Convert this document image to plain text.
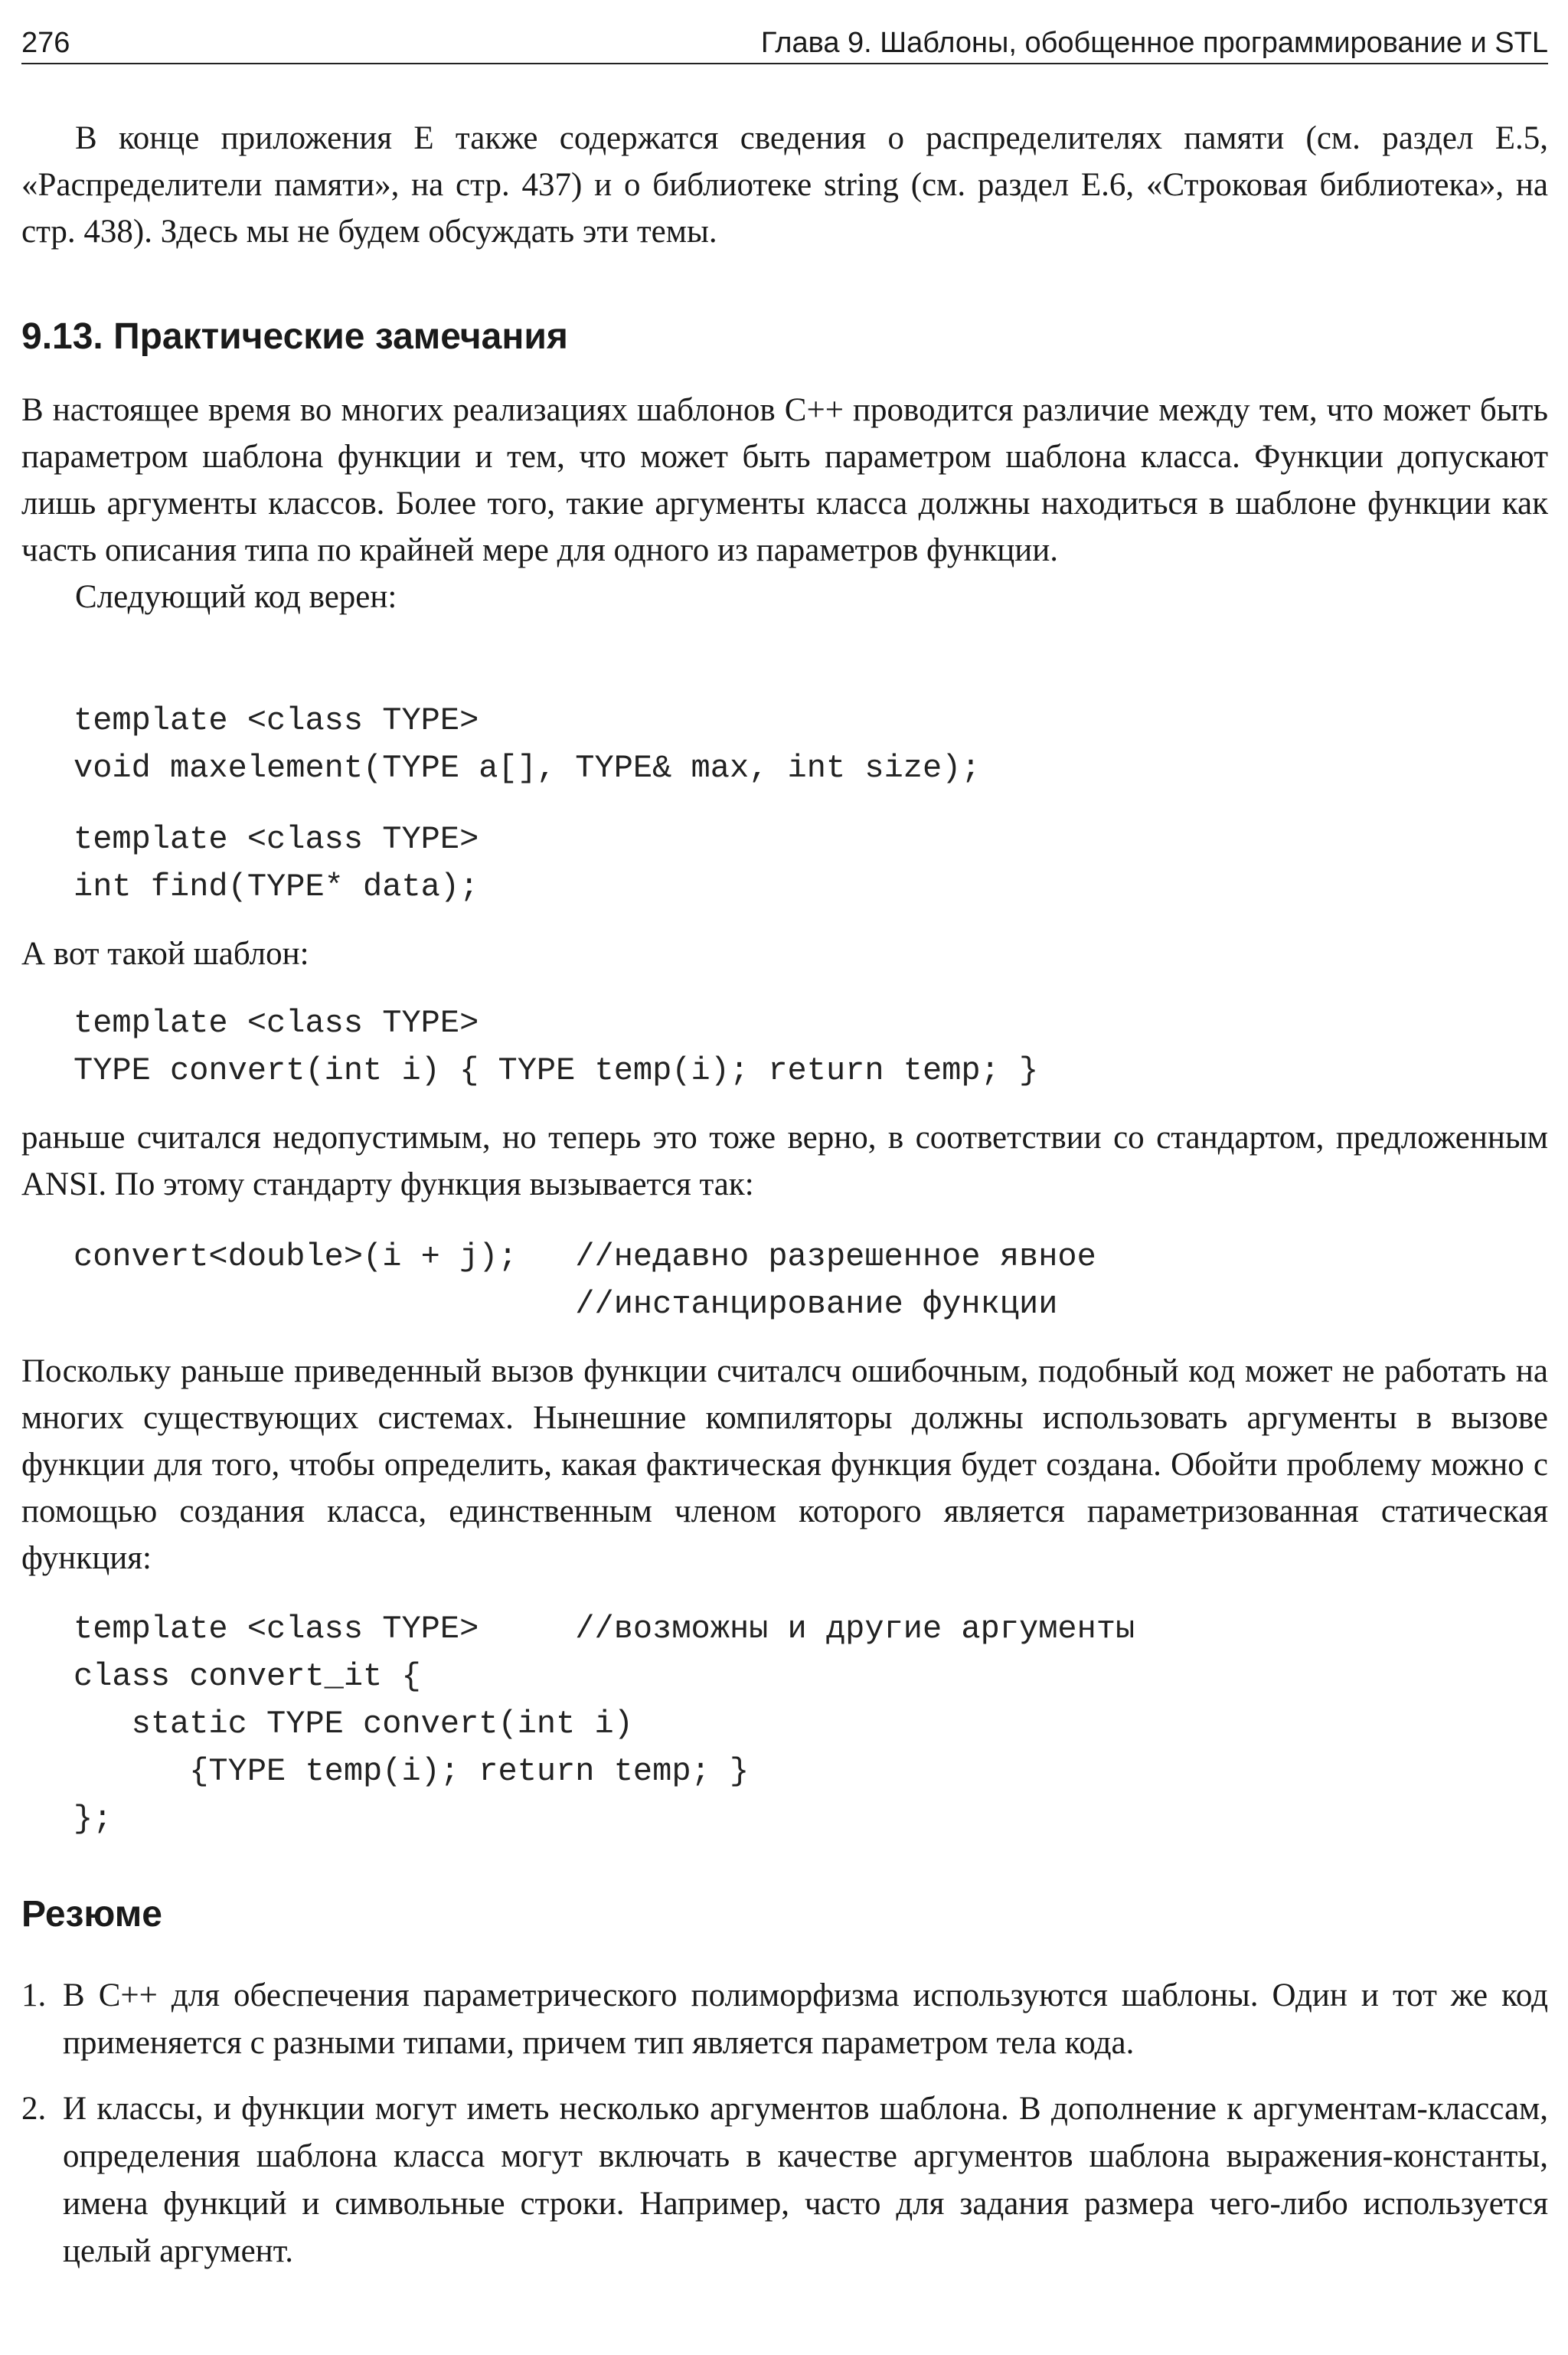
276	Глава 9. Шаблоны, обобщенное программирование и STL

В конце приложения Е также содержатся сведения о распределителях памяти (см. раздел Е.5, «Распределители памяти», на стр. 437) и о библиотеке string (см. раздел Е.6, «Строковая библиотека», на стр. 438). Здесь мы не будем обсуждать эти темы.

9.13. Практические замечания

В настоящее время во многих реализациях шаблонов С++ проводится различие между тем, что может быть параметром шаблона функции и тем, что может быть параметром шаблона класса. Функции допускают лишь аргументы классов. Более того, такие аргументы класса должны находиться в шаблоне функции как часть описания типа по крайней мере для одного из параметров функции.

Следующий код верен:

template <class TYPE>
void maxelement(TYPE a[], TYPE& max, int size);
template <class TYPE>
int find(TYPE* data);

А вот такой шаблон:

template <class TYPE>
TYPE convert(int i) { TYPE temp(i); return temp; }

раньше считался недопустимым, но теперь это тоже верно, в соответствии со стандартом, предложенным ANSI. По этому стандарту функция вызывается так:

convert<double>(i + j);   //недавно разрешенное явное
//инстанцирование функции

Поскольку раньше приведенный вызов функции считалсч ошибочным, подобный код может не работать на многих существующих системах. Нынешние компиляторы должны использовать аргументы в вызове функции для того, чтобы определить, какая фактическая функция будет создана. Обойти проблему можно с помощью создания класса, единственным членом которого является параметризованная статическая функция:

template <class TYPE>     //возможны и другие аргументы
class convert_it {
static TYPE convert(int i)
{TYPE temp(i); return temp; }
};
Резюме
1. В С++ для обеспечения параметрического полиморфизма используются шаблоны. Один и тот же код применяется с разными типами, причем тип является параметром тела кода.
2. И классы, и функции могут иметь несколько аргументов шаблона. В дополнение к аргументам-классам, определения шаблона класса могут включать в качестве аргументов шаблона выражения-константы, имена функций и символьные строки. Например, часто для задания размера чего-либо используется целый аргумент.
